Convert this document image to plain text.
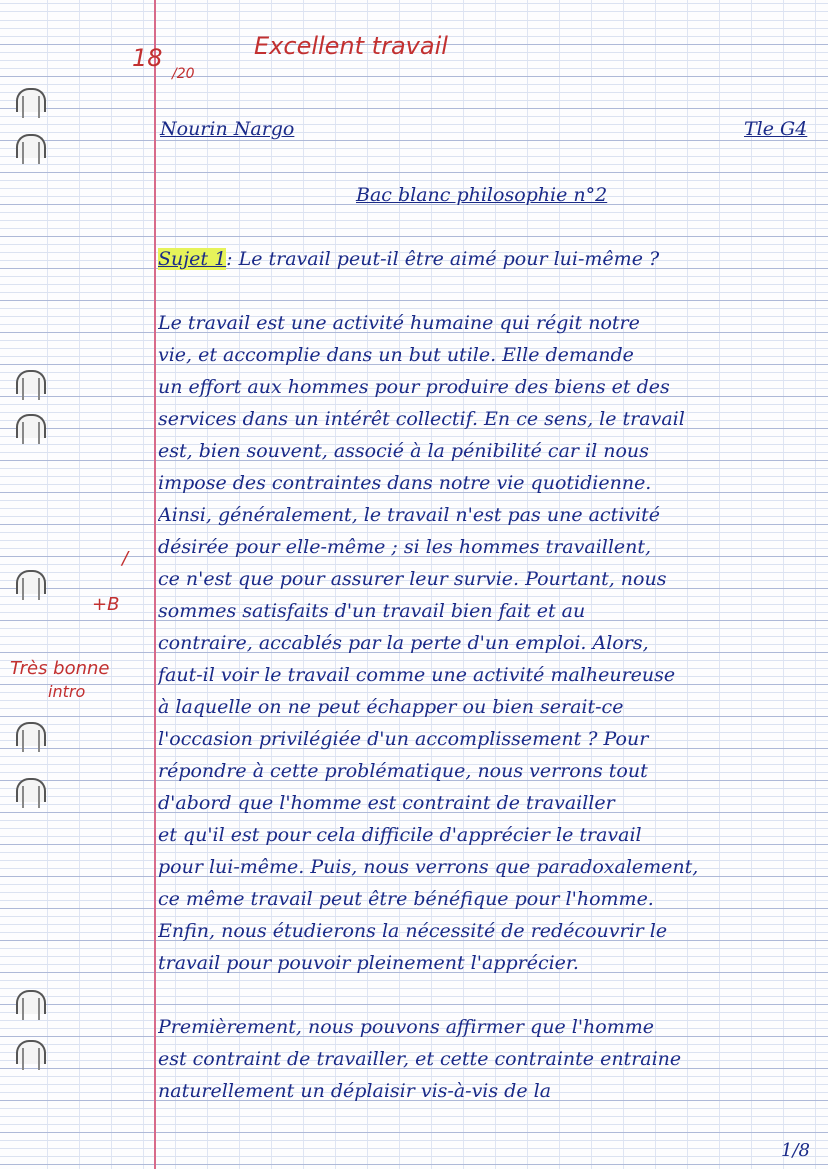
18
/20
Excellent travail
/
+B
Très bonne
intro
Nourin Nargo	Tle G4
Bac blanc philosophie n°2
Sujet 1: Le travail peut-il être aimé pour lui-même ?
Le travail est une activité humaine qui régit notre
vie, et accomplie dans un but utile. Elle demande
un effort aux hommes pour produire des biens et des
services dans un intérêt collectif. En ce sens, le travail
est, bien souvent, associé à la pénibilité car il nous
impose des contraintes dans notre vie quotidienne.
Ainsi, généralement, le travail n'est pas une activité
désirée pour elle-même ; si les hommes travaillent,
ce n'est que pour assurer leur survie. Pourtant, nous
sommes satisfaits d'un travail bien fait et au
contraire, accablés par la perte d'un emploi. Alors,
faut-il voir le travail comme une activité malheureuse
à laquelle on ne peut échapper ou bien serait-ce
l'occasion privilégiée d'un accomplissement ? Pour
répondre à cette problématique, nous verrons tout
d'abord que l'homme est contraint de travailler
et qu'il est pour cela difficile d'apprécier le travail
pour lui-même. Puis, nous verrons que paradoxalement,
ce même travail peut être bénéfique pour l'homme.
Enfin, nous étudierons la nécessité de redécouvrir le
travail pour pouvoir pleinement l'apprécier.
Premièrement, nous pouvons affirmer que l'homme
est contraint de travailler, et cette contrainte entraine
naturellement un déplaisir vis-à-vis de la
1/8
